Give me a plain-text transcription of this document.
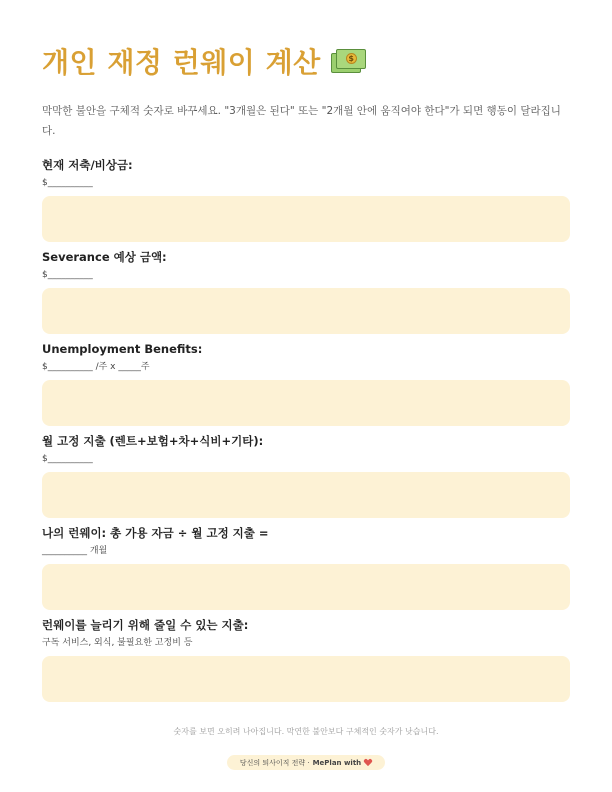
개인 재정 런웨이 계산	$

막막한 불안을 구체적 숫자로 바꾸세요. "3개월은 된다" 또는 "2개월 안에 움직여야 한다"가 되면 행동이 달라집니다.

현재 저축/비상금:
$__________
Severance 예상 금액:
$__________
Unemployment Benefits:
$__________ /주 x _____주
월 고정 지출 (렌트+보험+차+식비+기타):
$__________
나의 런웨이: 총 가용 자금 ÷ 월 고정 지출 =
__________ 개월
런웨이를 늘리기 위해 줄일 수 있는 지출:
구독 서비스, 외식, 불필요한 고정비 등
숫자를 보면 오히려 나아집니다. 막연한 불안보다 구체적인 숫자가 낫습니다.
당신의 퇴사이직 전략 · MePlan with
